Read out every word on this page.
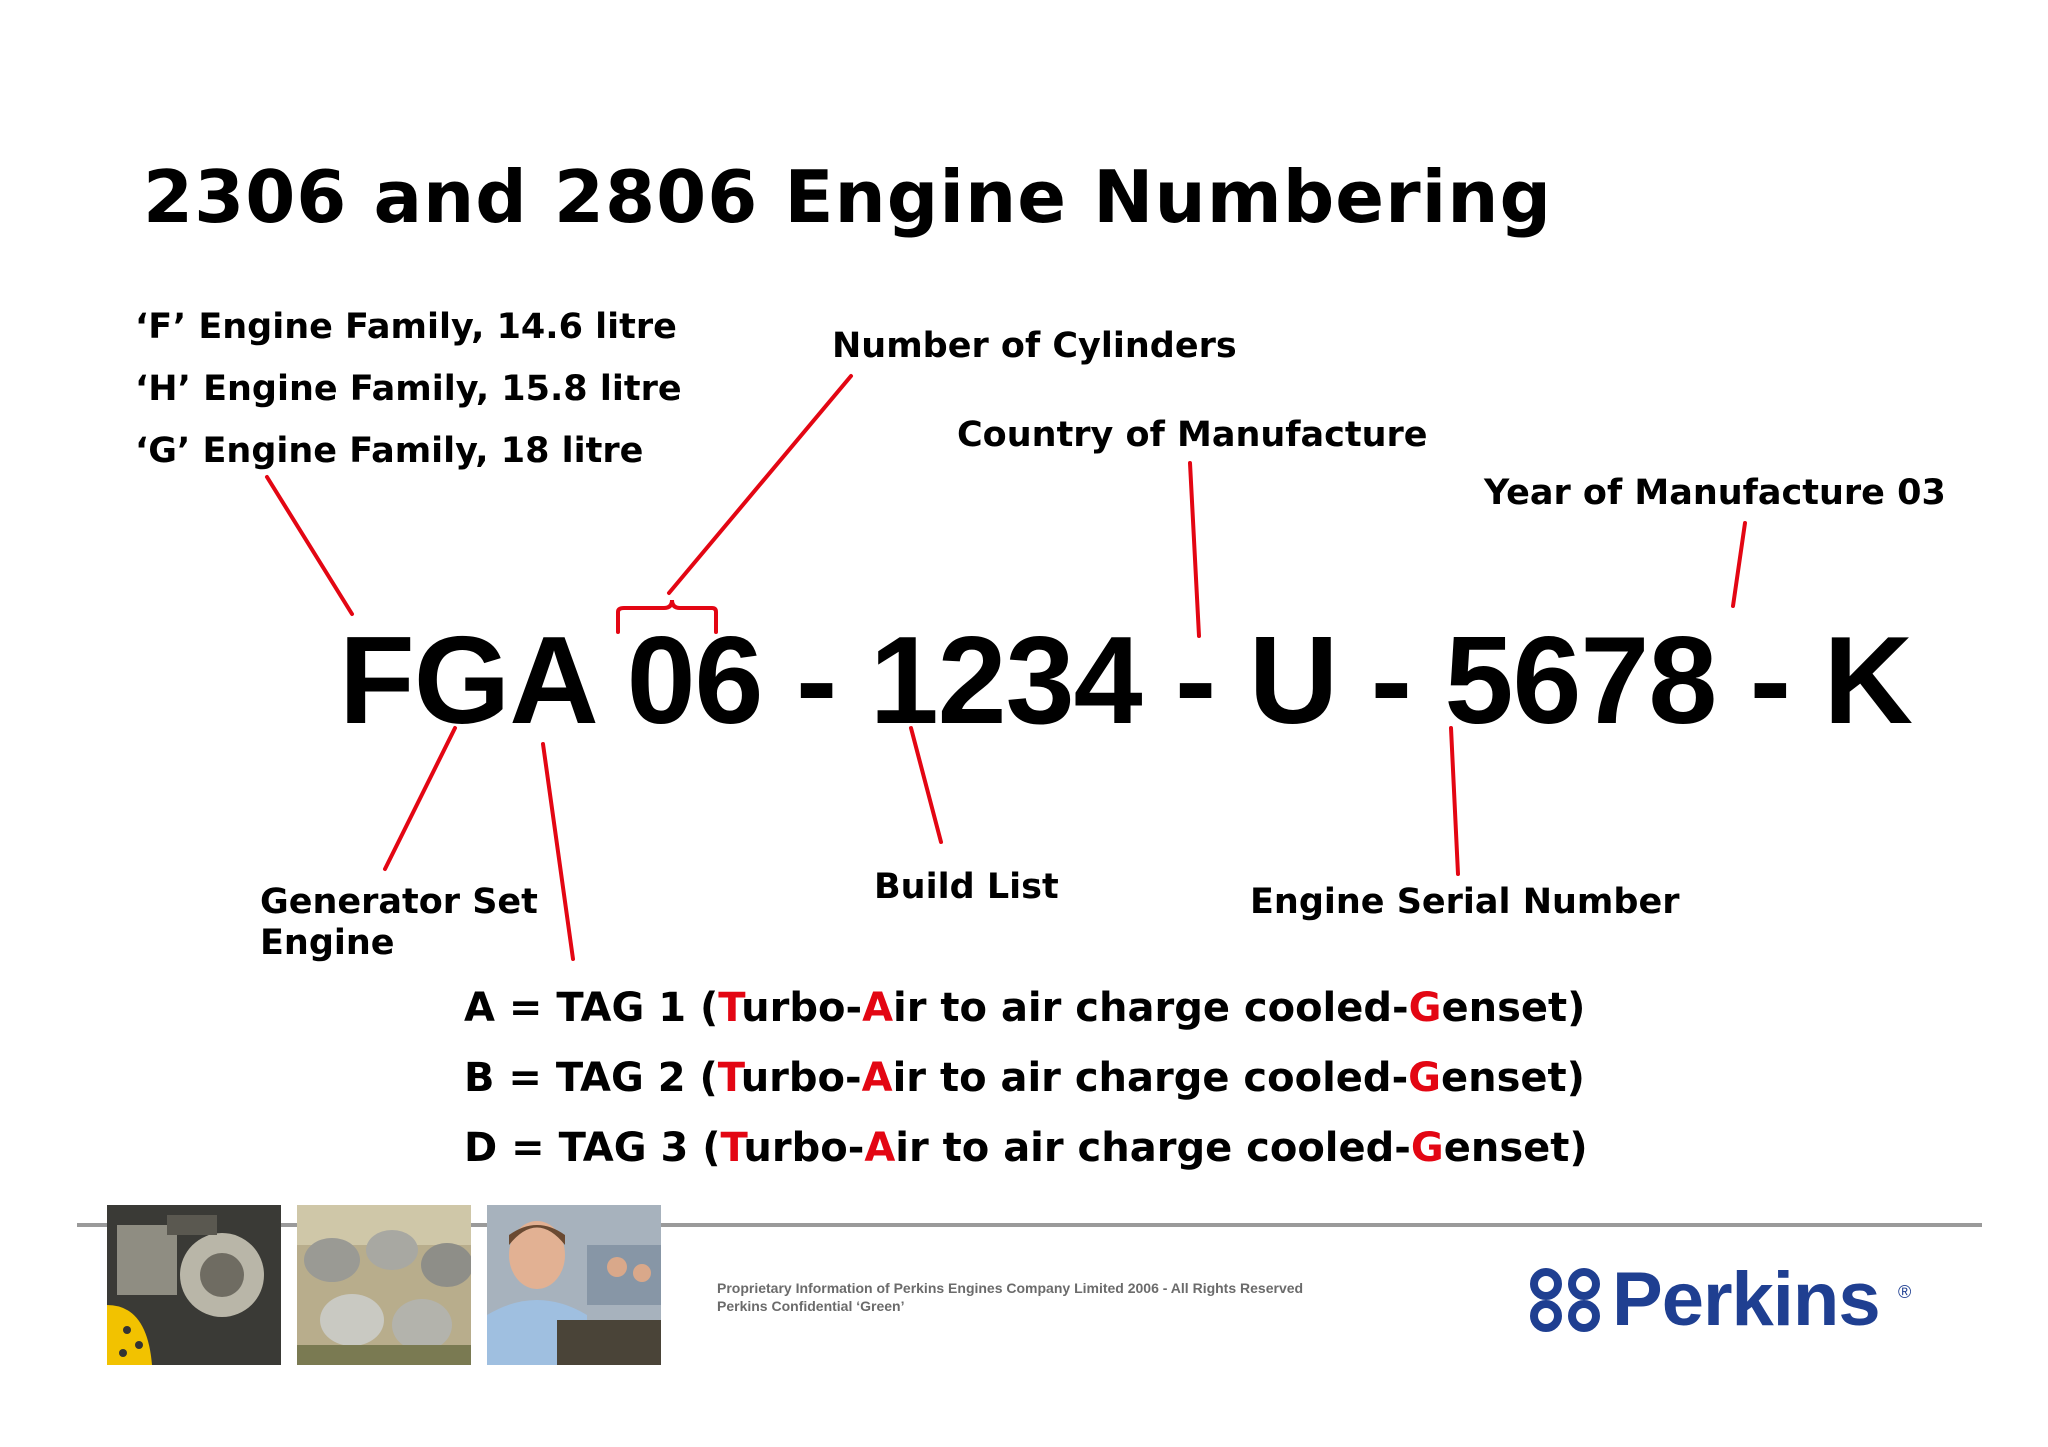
2306 and 2806 Engine Numbering
‘F’ Engine Family, 14.6 litre
‘H’ Engine Family, 15.8 litre
‘G’ Engine Family, 18 litre
Number of Cylinders
Country of Manufacture
Year of Manufacture 03
FGA 06 - 1234 - U - 5678 - K
Generator Set
Engine
Build List	Engine Serial Number
A = TAG 1 (Turbo-Air to air charge cooled-Genset)
B = TAG 2 (Turbo-Air to air charge cooled-Genset)
D = TAG 3 (Turbo-Air to air charge cooled-Genset)
Proprietary Information of Perkins Engines Company Limited 2006 - All Rights Reserved
Perkins Confidential ‘Green’	Perkins ®
